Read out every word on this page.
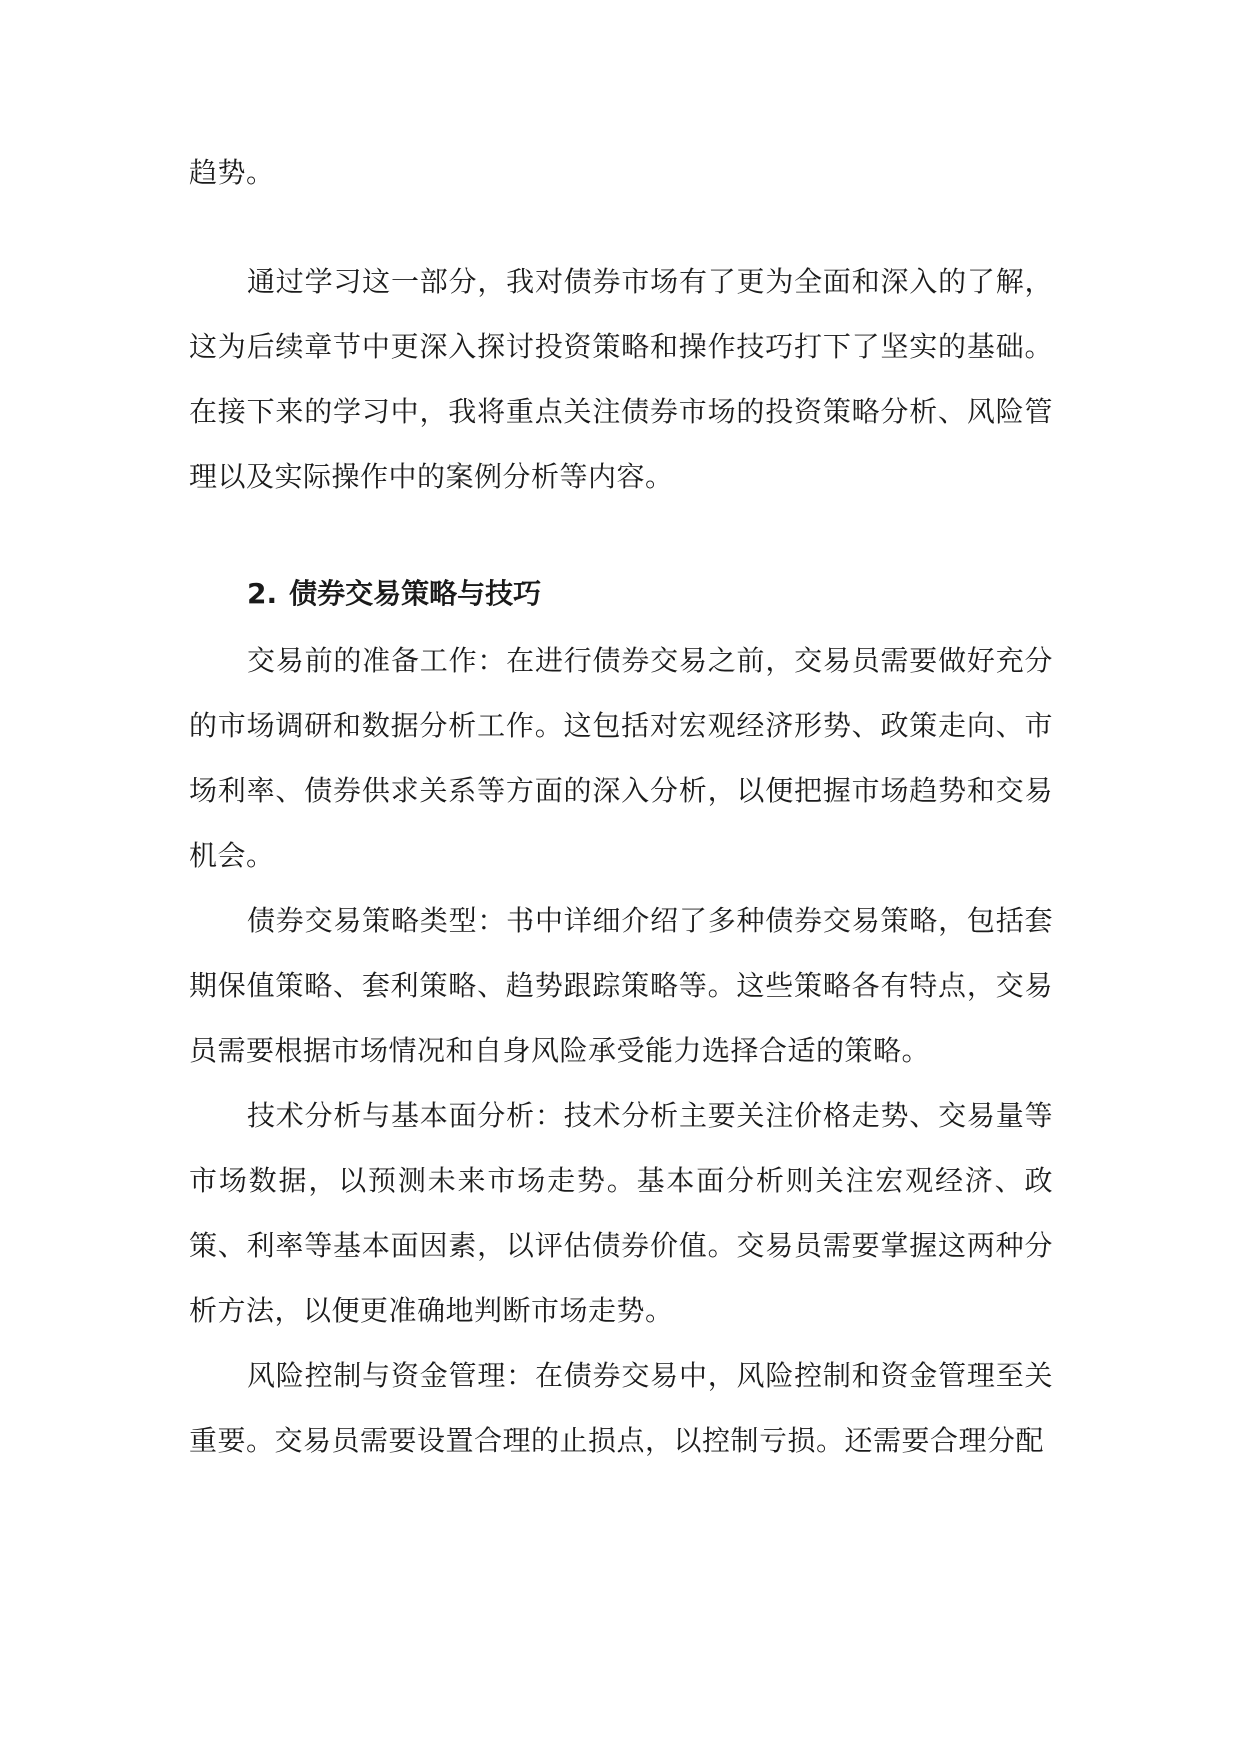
趋势。

通过学习这一部分，我对债券市场有了更为全面和深入的了解，这为后续章节中更深入探讨投资策略和操作技巧打下了坚实的基础。在接下来的学习中，我将重点关注债券市场的投资策略分析、风险管理以及实际操作中的案例分析等内容。

2. 债券交易策略与技巧

交易前的准备工作：在进行债券交易之前，交易员需要做好充分的市场调研和数据分析工作。这包括对宏观经济形势、政策走向、市场利率、债券供求关系等方面的深入分析，以便把握市场趋势和交易机会。

债券交易策略类型：书中详细介绍了多种债券交易策略，包括套期保值策略、套利策略、趋势跟踪策略等。这些策略各有特点，交易员需要根据市场情况和自身风险承受能力选择合适的策略。

技术分析与基本面分析：技术分析主要关注价格走势、交易量等市场数据，以预测未来市场走势。基本面分析则关注宏观经济、政策、利率等基本面因素，以评估债券价值。交易员需要掌握这两种分析方法，以便更准确地判断市场走势。

风险控制与资金管理：在债券交易中，风险控制和资金管理至关重要。交易员需要设置合理的止损点，以控制亏损。还需要合理分配
